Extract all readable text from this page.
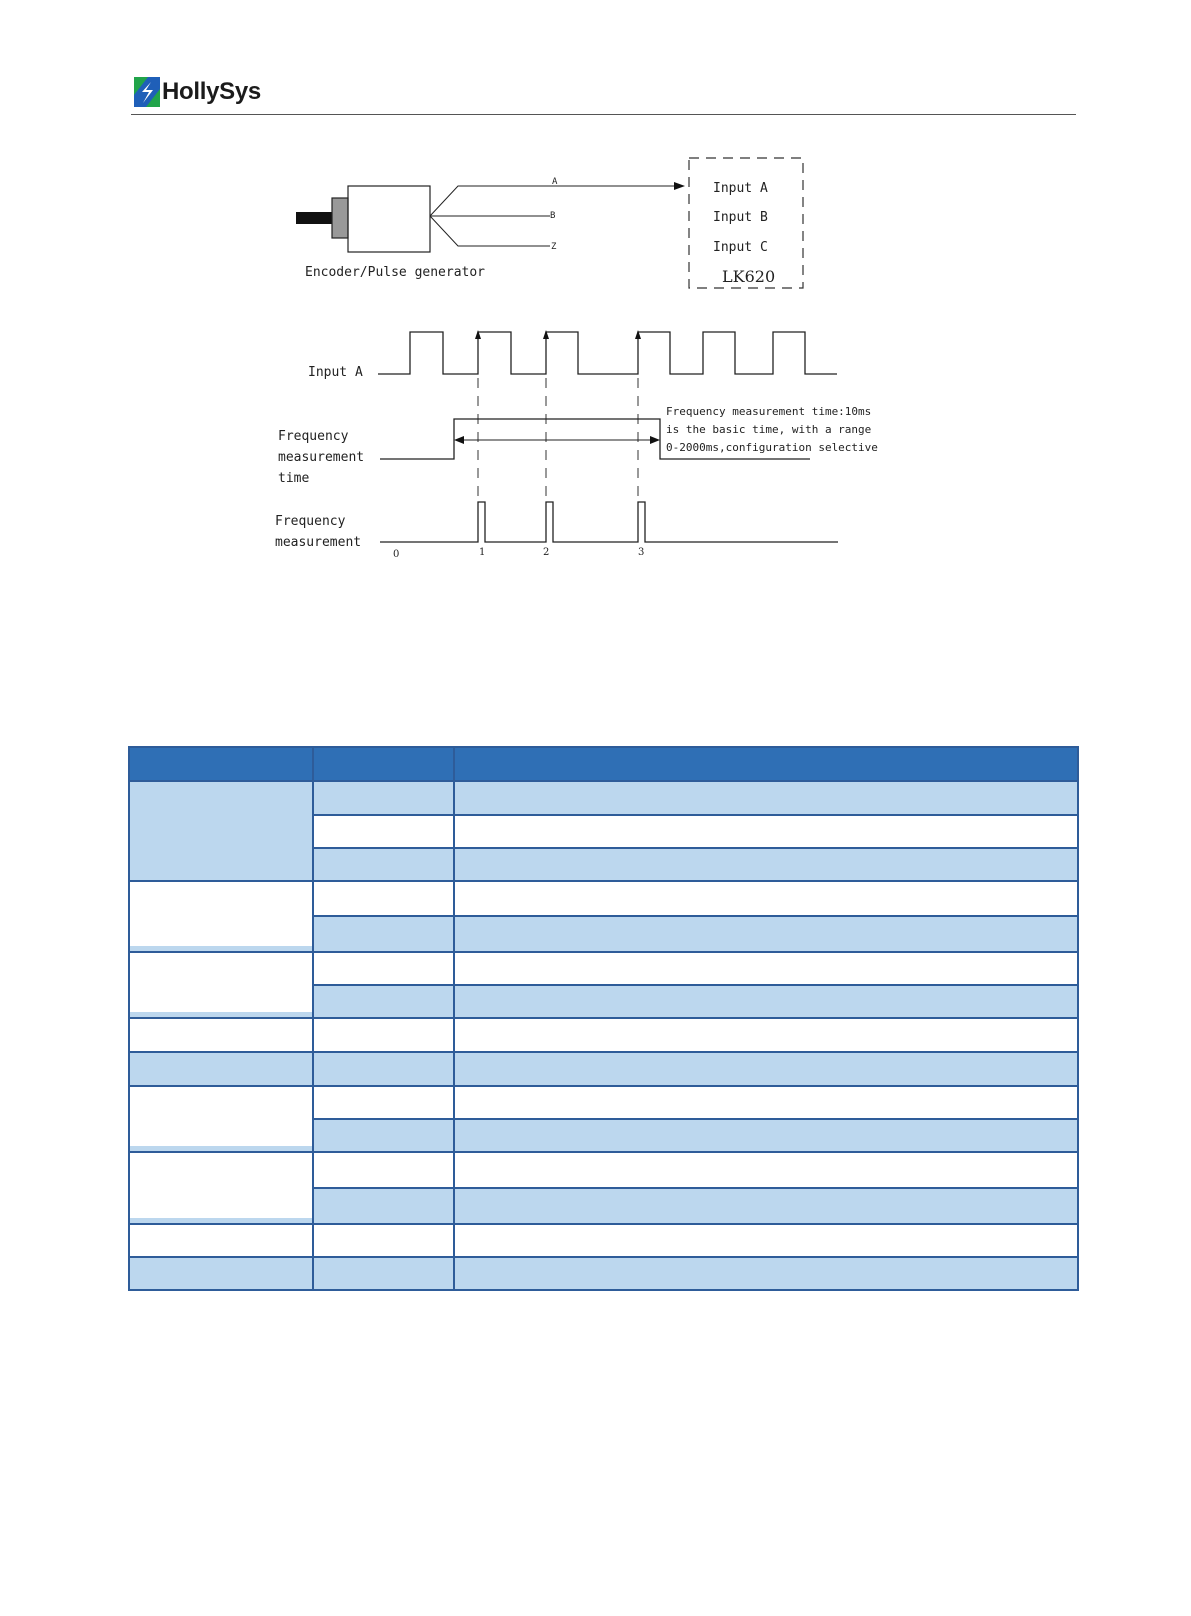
HollySys
Encoder/Pulse generator
A
B
Z
Input A
Input B
Input C
LK620
Input A
Frequency measurement time
Frequency measurement
Frequency measurement time:10ms is the basic time, with a range 0-2000ms,configuration selective
0	1	2	3
